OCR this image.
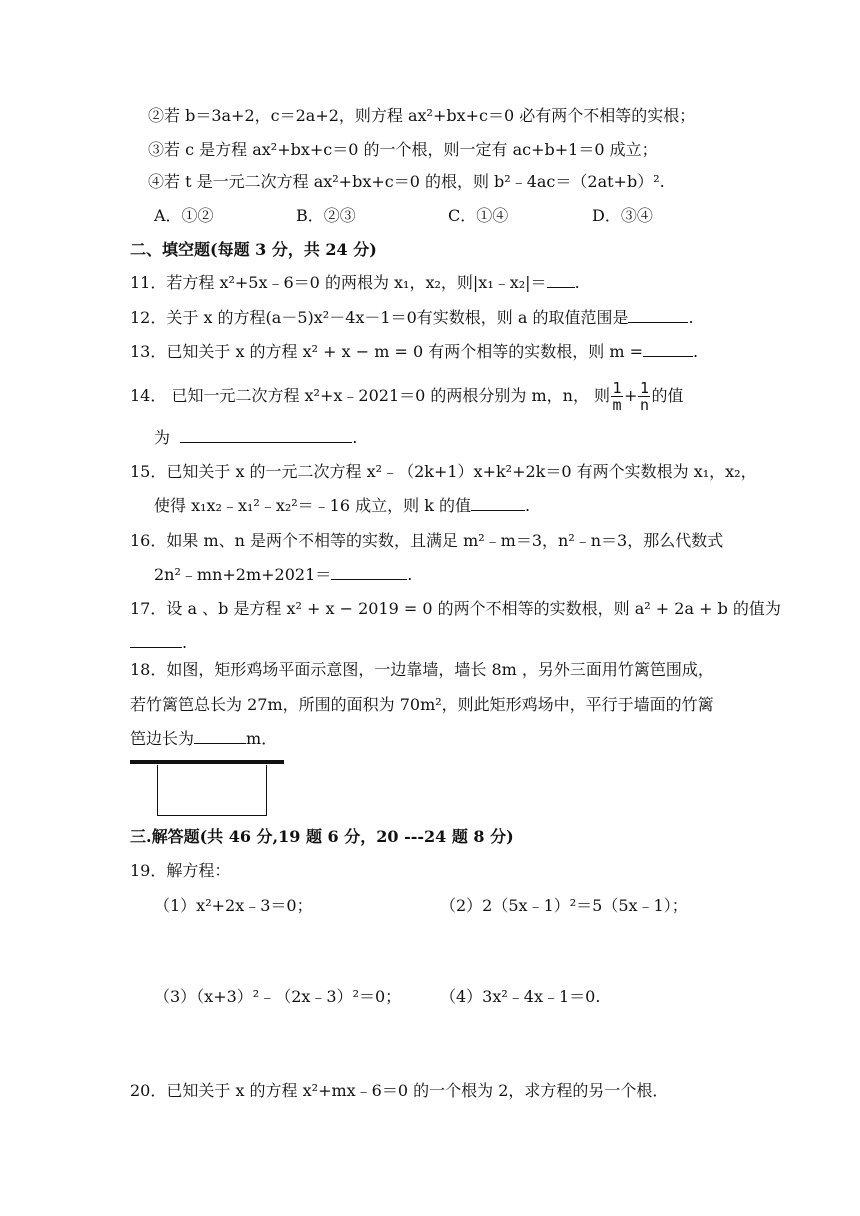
②若 b＝3a+2，c＝2a+2，则方程 ax²+bx+c＝0 必有两个不相等的实根；
③若 c 是方程 ax²+bx+c＝0 的一个根，则一定有 ac+b+1＝0 成立；
④若 t 是一元二次方程 ax²+bx+c＝0 的根，则 b²﹣4ac＝（2at+b）².
A．①②	B．②③	C．①④	D．③④
二、填空题(每题 3 分，共 24 分)
11．若方程 x²+5x﹣6＝0 的两根为 x₁，x₂，则|x₁﹣x₂|＝ .
12．关于 x 的方程(a－5)x²－4x－1＝0有实数根，则 a 的取值范围是	.
13．已知关于 x 的方程 x² + x − m = 0 有两个相等的实数根，则 m =	.
14． 已知一元二次方程 x²+x﹣2021＝0 的两根分别为 m，n， 则 $\frac{1}{m} + \frac{1}{n}$ 的值
为	.
15．已知关于 x 的一元二次方程 x²﹣（2k+1）x+k²+2k＝0 有两个实数根为 x₁，x₂，
使得 x₁x₂﹣x₁²﹣x₂²＝﹣16 成立，则 k 的值	.
16．如果 m、n 是两个不相等的实数，且满足 m²﹣m＝3，n²﹣n＝3，那么代数式
2n²﹣mn+2m+2021＝	.
17．设 a 、b 是方程 x² + x − 2019 = 0 的两个不相等的实数根，则 a² + 2a + b 的值为
.
18．如图，矩形鸡场平面示意图，一边靠墙，墙长 8m ，另外三面用竹篱笆围成，
若竹篱笆总长为 27m，所围的面积为 70m²，则此矩形鸡场中，平行于墙面的竹篱
笆边长为	m．
三.解答题(共 46 分,19 题 6 分，20 ---24 题 8 分)
19．解方程：
（1）x²+2x﹣3＝0；	（2）2（5x﹣1）²＝5（5x﹣1）；
（3）（x+3）²﹣（2x﹣3）²＝0； （4）3x²﹣4x﹣1＝0.
20．已知关于 x 的方程 x²+mx﹣6＝0 的一个根为 2，求方程的另一个根．
